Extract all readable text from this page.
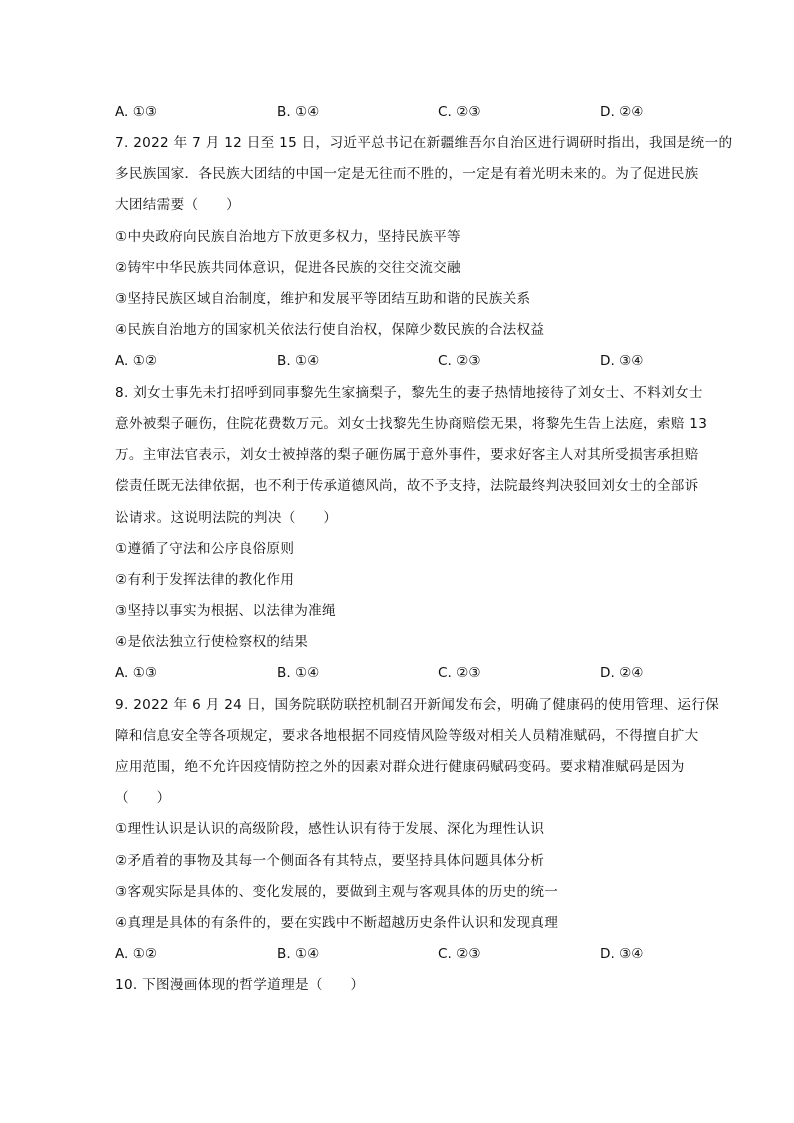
A. ①③	B. ①④	C. ②③	D. ②④
7. 2022 年 7 月 12 日至 15 日，习近平总书记在新疆维吾尔自治区进行调研时指出，我国是统一的
多民族国家．各民族大团结的中国一定是无往而不胜的，一定是有着光明未来的。为了促进民族
大团结需要（　　）
①中央政府向民族自治地方下放更多权力，坚持民族平等
②铸牢中华民族共同体意识，促进各民族的交往交流交融
③坚持民族区域自治制度，维护和发展平等团结互助和谐的民族关系
④民族自治地方的国家机关依法行使自治权，保障少数民族的合法权益
A. ①②	B. ①④	C. ②③	D. ③④
8. 刘女士事先未打招呼到同事黎先生家摘梨子，黎先生的妻子热情地接待了刘女士、不料刘女士
意外被梨子砸伤，住院花费数万元。刘女士找黎先生协商赔偿无果，将黎先生告上法庭，索赔 13
万。主审法官表示，刘女士被掉落的梨子砸伤属于意外事件，要求好客主人对其所受损害承担赔
偿责任既无法律依据，也不利于传承道德风尚，故不予支持，法院最终判决驳回刘女士的全部诉
讼请求。这说明法院的判决（　　）
①遵循了守法和公序良俗原则
②有利于发挥法律的教化作用
③坚持以事实为根据、以法律为准绳
④是依法独立行使检察权的结果
A. ①③	B. ①④	C. ②③	D. ②④
9. 2022 年 6 月 24 日，国务院联防联控机制召开新闻发布会，明确了健康码的使用管理、运行保
障和信息安全等各项规定，要求各地根据不同疫情风险等级对相关人员精准赋码，不得擅自扩大
应用范围，绝不允许因疫情防控之外的因素对群众进行健康码赋码变码。要求精准赋码是因为
（　　）
①理性认识是认识的高级阶段，感性认识有待于发展、深化为理性认识
②矛盾着的事物及其每一个侧面各有其特点，要坚持具体问题具体分析
③客观实际是具体的、变化发展的，要做到主观与客观具体的历史的统一
④真理是具体的有条件的，要在实践中不断超越历史条件认识和发现真理
A. ①②	B. ①④	C. ②③	D. ③④
10. 下图漫画体现的哲学道理是（　　）
